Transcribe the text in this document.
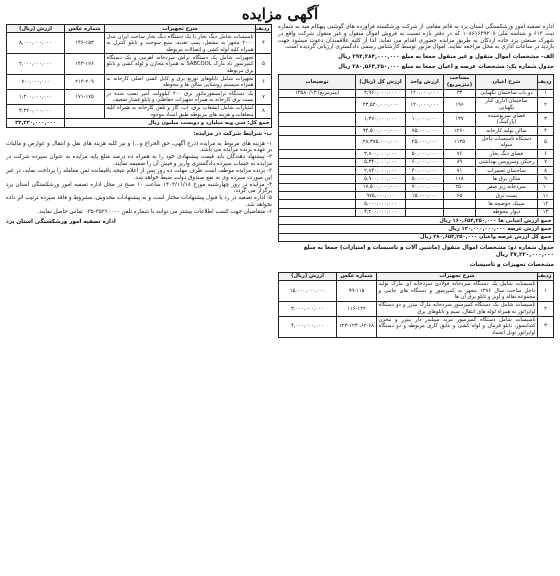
آگهی مزایده

اداره تصفیه امور ورشکستگی استان یزد به قائم مقامی از شرکت ورشکسته فراورده های گوشتی پیهکام مید به شماره ثبت ۶۱۳ و شناسه ملی ۱۰۸۶۱۶۴۹۲۰۸ که در دفتر بازه نسبت به فروش اموال منقول و غیر منقول شرکت واقع در شهرک صنعتی یزد جاده اردکان به طریق مزایده حضوری اقدام می نماید. لذا از کلیه علاقمندان دعوت میشود جهت بازدید در ساعات اداری به محل مراجعه نمایند. اموال مزبور توسط کارشناس رسمی دادگستری ارزیابی گردیده است.

الف- مشخصات اموال منقول و غیر منقول جمعا به مبلغ ۲۹۴,۲۸۴,۰۰۰,۰۰۰ ریال

جدول شماره یک: مشخصات عرصه و اعیان جمعا به مبلغ ۲۸۰,۵۶۴,۲۵۰,۰۰۰ ریال

ردیف	شرح اعیان	مساحت (مترمربع)	ارزش واحد	ارزش کل (ریال)	توضیحات
۱	دو باب ساختمان نگهبانی	۳۳	۱۲۰,۰۰۰,۰۰۰	۳,۹۶۰,۰۰۰,۰۰۰	(مترمربع) ۱۳۵۸۰/۱۳
۲	ساختمان اداری کنار نگهبانی	۱۹۶	۱۲۰,۰۰۰,۰۰۰	۲۳,۵۲۰,۰۰۰,۰۰۰	
۳	فضای سرپوشیده (پارکینگ)	۱۳۷	۱۰,۰۰۰,۰۰۰	۱,۳۷۰,۰۰۰,۰۰۰	
۴	سالن تولید کارخانه	۱۲۶۰	۷۵,۰۰۰,۰۰۰	۹۴,۵۰۰,۰۰۰,۰۰۰	
۵	دستکاه تاسیسات داخل سوله	۱۱۳۵	۲۵,۰۰۰,۰۰۰	۲۸,۳۷۵,۰۰۰,۰۰۰	
۶	فضای دیگ بخار	۷۶	۵۰,۰۰۰,۰۰۰	۳,۸۰۰,۰۰۰,۰۰۰	
۷	رختکن وسرویس بهداشتی	۸۹	۶۰,۰۰۰,۰۰۰	۵,۳۴۰,۰۰۰,۰۰۰	
۸	ساختمان تعمیرات	۷۱	۴۰,۰۰۰,۰۰۰	۲,۸۴۰,۰۰۰,۰۰۰	
۹	سالن برق ها	۱۱۸	۵۰,۰۰۰,۰۰۰	۵,۹۰۰,۰۰۰,۰۰۰	
۱۰	سردخانه زیر صفر	۲۵۰	۷۰,۰۰۰,۰۰۰	۱۷,۵۰۰,۰۰۰,۰۰۰	
۱۱	پست برق	۶۵	۱۵,۰۰۰,۰۰۰	۹۷۵,۰۰۰,۰۰۰	
۱۲	سینک حوضچه ها			۵,۰۰۰,۰۰۰,۰۰۰	
۱۳	دیوار محوطه			۳,۲۰۰,۰۰۰,۰۰۰	
جمع ارزش اعیانی ها ۱۶۰,۶۵۴,۲۵۰,۰۰۰ ریال					
جمع ارزش عرصه ۱۲۰,۰۰۰,۰۰۰,۰۰۰ ریال					
جمع کل ارزش عرصه واعیان ۲۸۰,۶۵۴,۲۵۰,۰۰۰ ریال					

جدول شماره دو: مشخصات اموال منقول (ماشین آلات و تاسیسات و امتیازات) جمعا به مبلغ ۳۷,۲۲۰,۰۰۰,۰۰۰ ریال

مشخصات تجهیزات و تاسیسات

ردیف	شرح تجهیزات	شماره عکس	ارزش (ریال)
۱	تاسیسات شامل یک دستگاه سردخانه فولادی سردخانه ای مارک تولید داخل ساخت سال ۱۳۸۶ مجهز به کمپرسور و دستگاه های جانبی و مجموعه نقاله و آویز و تابلو برق آن ها	۹۹-۱۱۵	۱۵,۰۰۰,۰۰۰,۰۰۰
۲	تاسیسات شامل یک دستگاه کمپرسور سردخانه مارک بیتزر و دو دستگاه اواپراتور به همراه لوله های انتقال، سیم و تابلوهای برق	۱۱۶-۱۲۲	۳,۰۰۰,۰۰۰,۰۰۰
۳	تاسیسات شامل دستگاه کمپرسور تبرید سیلندر دار بیتزر و مخزن کندانسور، تابلو فرمان و لوله کشی و عایق کاری مربوطه و دو دستگاه اواپراتور تونل انجماد	۶۲-۶۸، ۱۲۳-۱۲۳	۴,۰۰۰,۰۰۰,۰۰۰
ردیف	شرح تجهیزات	شماره عکس	ارزش (ریال)
۴	تاسیسات شامل دیگ بخار با یک دستگاه دیگ بخار ساخت ایران مدل ۲۰۰۰ مجهز به مشعل، پمپ تغذیه، منبع سوخت و تابلو کنترل به همراه کلیه لوله کشی و اتصالات مربوطه	۱۴۶-۱۵۳	۸,۰۰۰,۰۰۰,۰۰۰
۵	تجهیزات شامل یک دستگاه تراش سردخانه اهرمی و یک دستگاه کمپرسور باد مارک SABCOOL به همراه مخازن و لوله کشی و تابلو برق مربوطه	۱۴۳-۱۷۶	۲,۰۰۰,۰۰۰,۰۰۰
۶	تجهیزات شامل تابلوهای توزیع برق و کابل کشی اصلی کارخانه به همراه سیستم روشنایی سالن ها و محوطه	۲۱۴-۲۰۹	۷۰۰,۰۰۰,۰۰۰
۷	یک دستگاه ترانسفورماتور برق ۴۰۰ کیلوولت آمپر نصب شده در پست برق کارخانه به همراه تجهیزات حفاظتی و تابلو فشار ضعیف	۱۷۱-۱۷۵	۱,۲۰۰,۰۰۰,۰۰۰
۸	امتیازات شامل انشعاب برق، آب، گاز و تلفن کارخانه به همراه کلیه متعلقات و هزینه های مربوطه طبق اسناد موجود		۳,۳۲۰,۰۰۰,۰۰۰
جمع کل: سی ویه میلیارد و دویست میلیون ریال			۳۳,۲۲۰,۰۰۰,۰۰۰

ب- شرایط شرکت در مزایده:

۱- هزینه های مربوط به مزایده (درج آگهی، حق الحراج و...) و نیز کلیه هزینه های نقل و انتقال و عوارض و مالیات بر عهده برنده مزایده می باشد.

۲- پیشنهاد دهندگان باید قیمت پیشنهادی خود را به همراه ده درصد مبلغ پایه مزایده به عنوان سپرده شرکت در مزایده به حساب سپرده دادگستری واریز و فیش آن را ضمیمه نمایند.

۳- برنده مزایده موظف است ظرف مهلت ده روز پس از اعلام نتیجه باقیمانده ثمن معامله را پرداخت نماید، در غیر این صورت سپرده وی به نفع صندوق دولت ضبط خواهد شد.

۴- مزایده در روز چهارشنبه مورخ ۱۴۰۳/۱۱/۱۸ ساعت ۱۰ صبح در محل اداره تصفیه امور ورشکستگی استان یزد برگزار می گردد.

۵- اداره تصفیه در رد یا قبول پیشنهادات مختار است و به پیشنهادات مخدوش، مشروط و فاقد سپرده ترتیب اثر داده نخواهد شد.

۶- متقاضیان جهت کسب اطلاعات بیشتر می توانند با شماره تلفن ۳۵۲۶۰۰۰۰-۰۳۵ تماس حاصل نمایند.

اداره تصفیه امور ورشکستگی استان یزد
